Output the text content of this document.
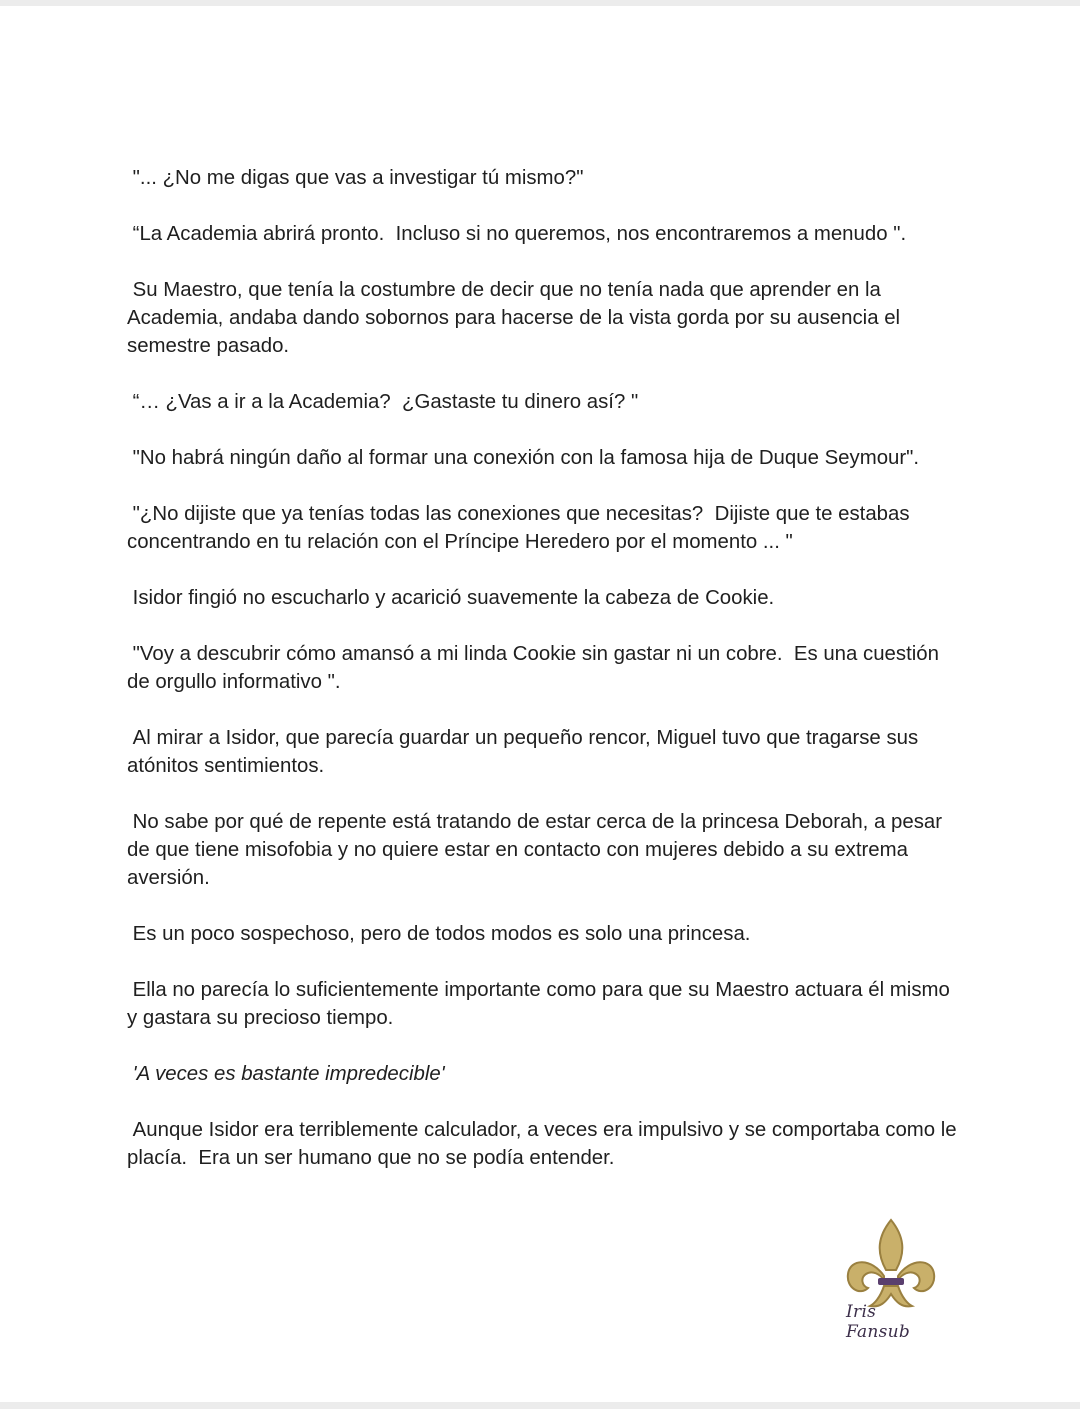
"... ¿No me digas que vas a investigar tú mismo?"

“La Academia abrirá pronto.  Incluso si no queremos, nos encontraremos a menudo ".

Su Maestro, que tenía la costumbre de decir que no tenía nada que aprender en la Academia, andaba dando sobornos para hacerse de la vista gorda por su ausencia el semestre pasado.

“… ¿Vas a ir a la Academia?  ¿Gastaste tu dinero así? "

"No habrá ningún daño al formar una conexión con la famosa hija de Duque Seymour".

"¿No dijiste que ya tenías todas las conexiones que necesitas?  Dijiste que te estabas concentrando en tu relación con el Príncipe Heredero por el momento ... "

Isidor fingió no escucharlo y acarició suavemente la cabeza de Cookie.

"Voy a descubrir cómo amansó a mi linda Cookie sin gastar ni un cobre.  Es una cuestión de orgullo informativo ".

Al mirar a Isidor, que parecía guardar un pequeño rencor, Miguel tuvo que tragarse sus atónitos sentimientos.

No sabe por qué de repente está tratando de estar cerca de la princesa Deborah, a pesar de que tiene misofobia y no quiere estar en contacto con mujeres debido a su extrema aversión.

Es un poco sospechoso, pero de todos modos es solo una princesa.

Ella no parecía lo suficientemente importante como para que su Maestro actuara él mismo y gastara su precioso tiempo.

'A veces es bastante impredecible'

Aunque Isidor era terriblemente calculador, a veces era impulsivo y se comportaba como le placía.  Era un ser humano que no se podía entender.

Iris Fansub
